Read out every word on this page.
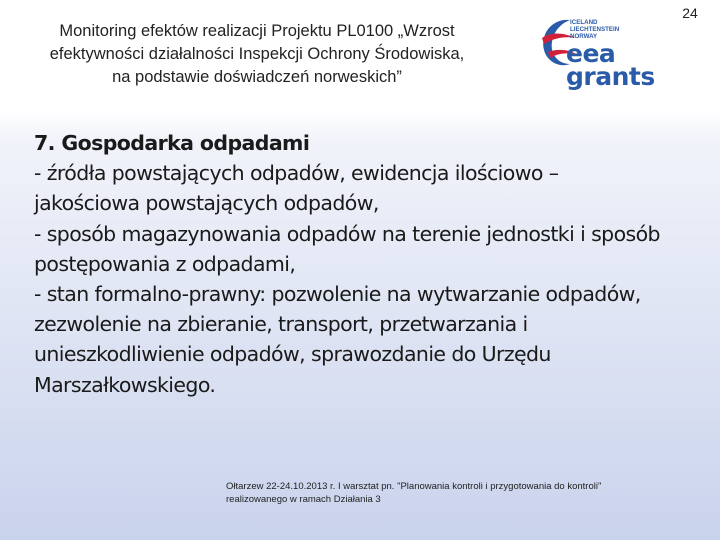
Monitoring efektów realizacji Projektu PL0100 „Wzrost
efektywności działalności Inspekcji Ochrony Środowiska,
na podstawie doświadczeń norweskich”
24
ICELAND
LIECHTENSTEIN
NORWAY
eea
grants
7. Gospodarka odpadami
- źródła powstających odpadów, ewidencja ilościowo –
jakościowa powstających odpadów,
- sposób magazynowania odpadów na terenie jednostki i sposób
postępowania z odpadami,
- stan formalno-prawny: pozwolenie na wytwarzanie odpadów,
zezwolenie na zbieranie, transport, przetwarzania i
unieszkodliwienie odpadów, sprawozdanie do Urzędu
Marszałkowskiego.
Ołtarzew 22-24.10.2013 r. I warsztat pn. "Planowania kontroli i przygotowania do kontroli"
realizowanego w ramach Działania 3
